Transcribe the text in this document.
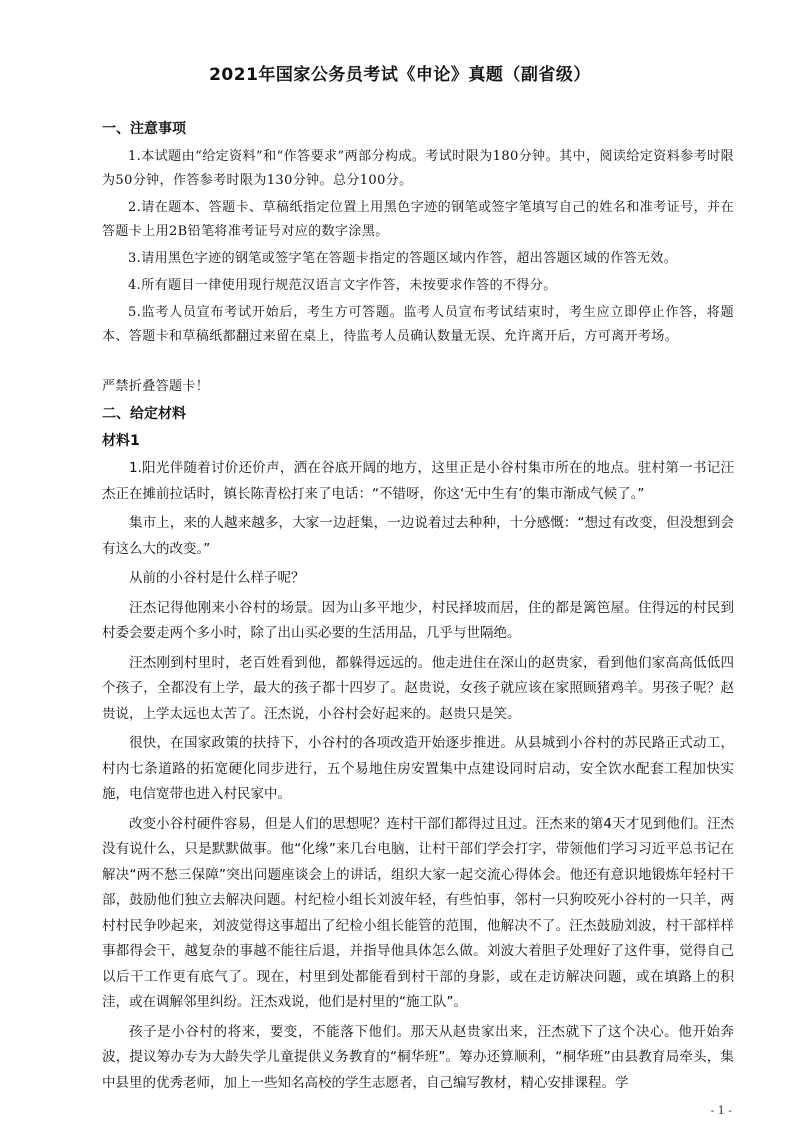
2021年国家公务员考试《申论》真题（副省级）

一、注意事项

1.本试题由“给定资料”和“作答要求”两部分构成。考试时限为180分钟。其中，阅读给定资料参考时限为50分钟，作答参考时限为130分钟。总分100分。

2.请在题本、答题卡、草稿纸指定位置上用黑色字迹的钢笔或签字笔填写自己的姓名和准考证号，并在答题卡上用2B铅笔将准考证号对应的数字涂黑。

3.请用黑色字迹的钢笔或签字笔在答题卡指定的答题区域内作答，超出答题区域的作答无效。

4.所有题目一律使用现行规范汉语言文字作答，未按要求作答的不得分。

5.监考人员宣布考试开始后，考生方可答题。监考人员宣布考试结束时，考生应立即停止作答，将题本、答题卡和草稿纸都翻过来留在桌上，待监考人员确认数量无误、允许离开后，方可离开考场。

严禁折叠答题卡！

二、给定材料

材料1

1.阳光伴随着讨价还价声，洒在谷底开阔的地方，这里正是小谷村集市所在的地点。驻村第一书记汪杰正在摊前拉话时，镇长陈青松打来了电话：“不错呀，你这‘无中生有’的集市渐成气候了。”

集市上，来的人越来越多，大家一边赶集，一边说着过去种种，十分感慨：“想过有改变，但没想到会有这么大的改变。”

从前的小谷村是什么样子呢？

汪杰记得他刚来小谷村的场景。因为山多平地少，村民择坡而居，住的都是篱笆屋。住得远的村民到村委会要走两个多小时，除了出山买必要的生活用品，几乎与世隔绝。

汪杰刚到村里时，老百姓看到他，都躲得远远的。他走进住在深山的赵贵家，看到他们家高高低低四个孩子，全都没有上学，最大的孩子都十四岁了。赵贵说，女孩子就应该在家照顾猪鸡羊。男孩子呢？赵贵说，上学太远也太苦了。汪杰说，小谷村会好起来的。赵贵只是笑。

很快，在国家政策的扶持下，小谷村的各项改造开始逐步推进。从县城到小谷村的苏民路正式动工，村内七条道路的拓宽硬化同步进行，五个易地住房安置集中点建设同时启动，安全饮水配套工程加快实施，电信宽带也进入村民家中。

改变小谷村硬件容易，但是人们的思想呢？连村干部们都得过且过。汪杰来的第4天才见到他们。汪杰没有说什么，只是默默做事。他“化缘”来几台电脑，让村干部们学会打字，带领他们学习习近平总书记在解决“两不愁三保障”突出问题座谈会上的讲话，组织大家一起交流心得体会。他还有意识地锻炼年轻村干部，鼓励他们独立去解决问题。村纪检小组长刘波年轻，有些怕事，邻村一只狗咬死小谷村的一只羊，两村村民争吵起来，刘波觉得这事超出了纪检小组长能管的范围，他解决不了。汪杰鼓励刘波，村干部样样事都得会干，越复杂的事越不能往后退，并指导他具体怎么做。刘波大着胆子处理好了这件事，觉得自己以后干工作更有底气了。现在，村里到处都能看到村干部的身影，或在走访解决问题，或在填路上的积洼，或在调解邻里纠纷。汪杰戏说，他们是村里的“施工队”。

孩子是小谷村的将来，要变，不能落下他们。那天从赵贵家出来，汪杰就下了这个决心。他开始奔波，提议筹办专为大龄失学儿童提供义务教育的“桐华班”。筹办还算顺利，“桐华班”由县教育局牵头，集中县里的优秀老师，加上一些知名高校的学生志愿者，自己编写教材，精心安排课程。学

- 1 -
